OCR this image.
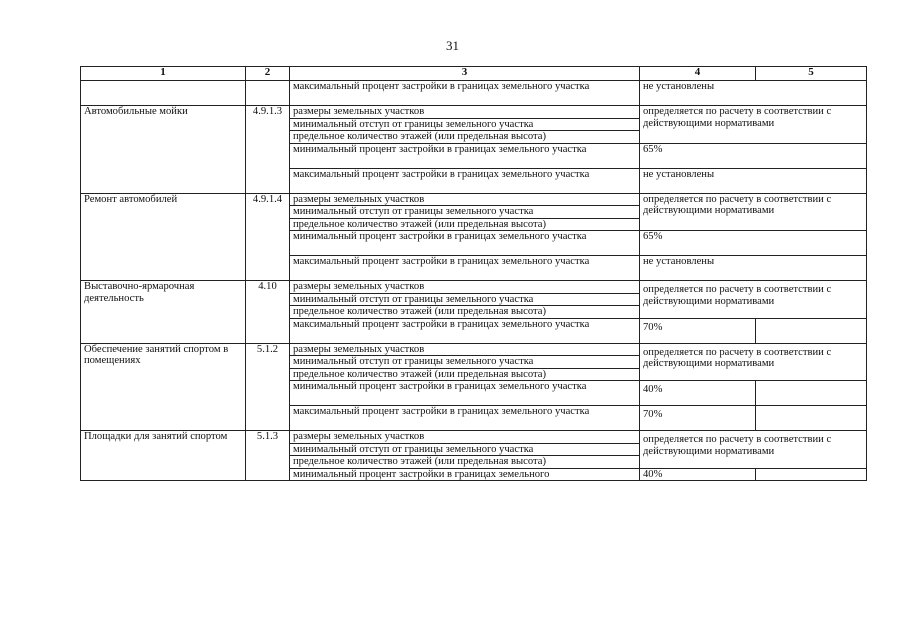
31
1	2	3	4	5
		максимальный процент застройки в границах земельного участка	не установлены	
Автомобильные мойки	4.9.1.3	размеры земельных участков	определяется по расчету в соответствии с действующими нормативами	
		минимальный отступ от границы земельного участка		
		предельное количество этажей (или предельная высота)		
		минимальный процент застройки в границах земельного участка	65%	
		максимальный процент застройки в границах земельного участка	не установлены	
Ремонт автомобилей	4.9.1.4	размеры земельных участков	определяется по расчету в соответствии с действующими нормативами	
		минимальный отступ от границы земельного участка		
		предельное количество этажей (или предельная высота)		
		минимальный процент застройки в границах земельного участка	65%	
		максимальный процент застройки в границах земельного участка	не установлены	
Выставочно-ярмарочная деятельность	4.10	размеры земельных участков	определяется по расчету в соответствии с действующими нормативами	
		минимальный отступ от границы земельного участка		
		предельное количество этажей (или предельная высота)		
		максимальный процент застройки в границах земельного участка	70%	
Обеспечение занятий спортом в помещениях	5.1.2	размеры земельных участков	определяется по расчету в соответствии с действующими нормативами	
		минимальный отступ от границы земельного участка		
		предельное количество этажей (или предельная высота)		
		минимальный процент застройки в границах земельного участка	40%	
		максимальный процент застройки в границах земельного участка	70%	
Площадки для занятий спортом	5.1.3	размеры земельных участков	определяется по расчету в соответствии с действующими нормативами	
		минимальный отступ от границы земельного участка		
		предельное количество этажей (или предельная высота)		
		минимальный процент застройки в границах земельного	40%	
